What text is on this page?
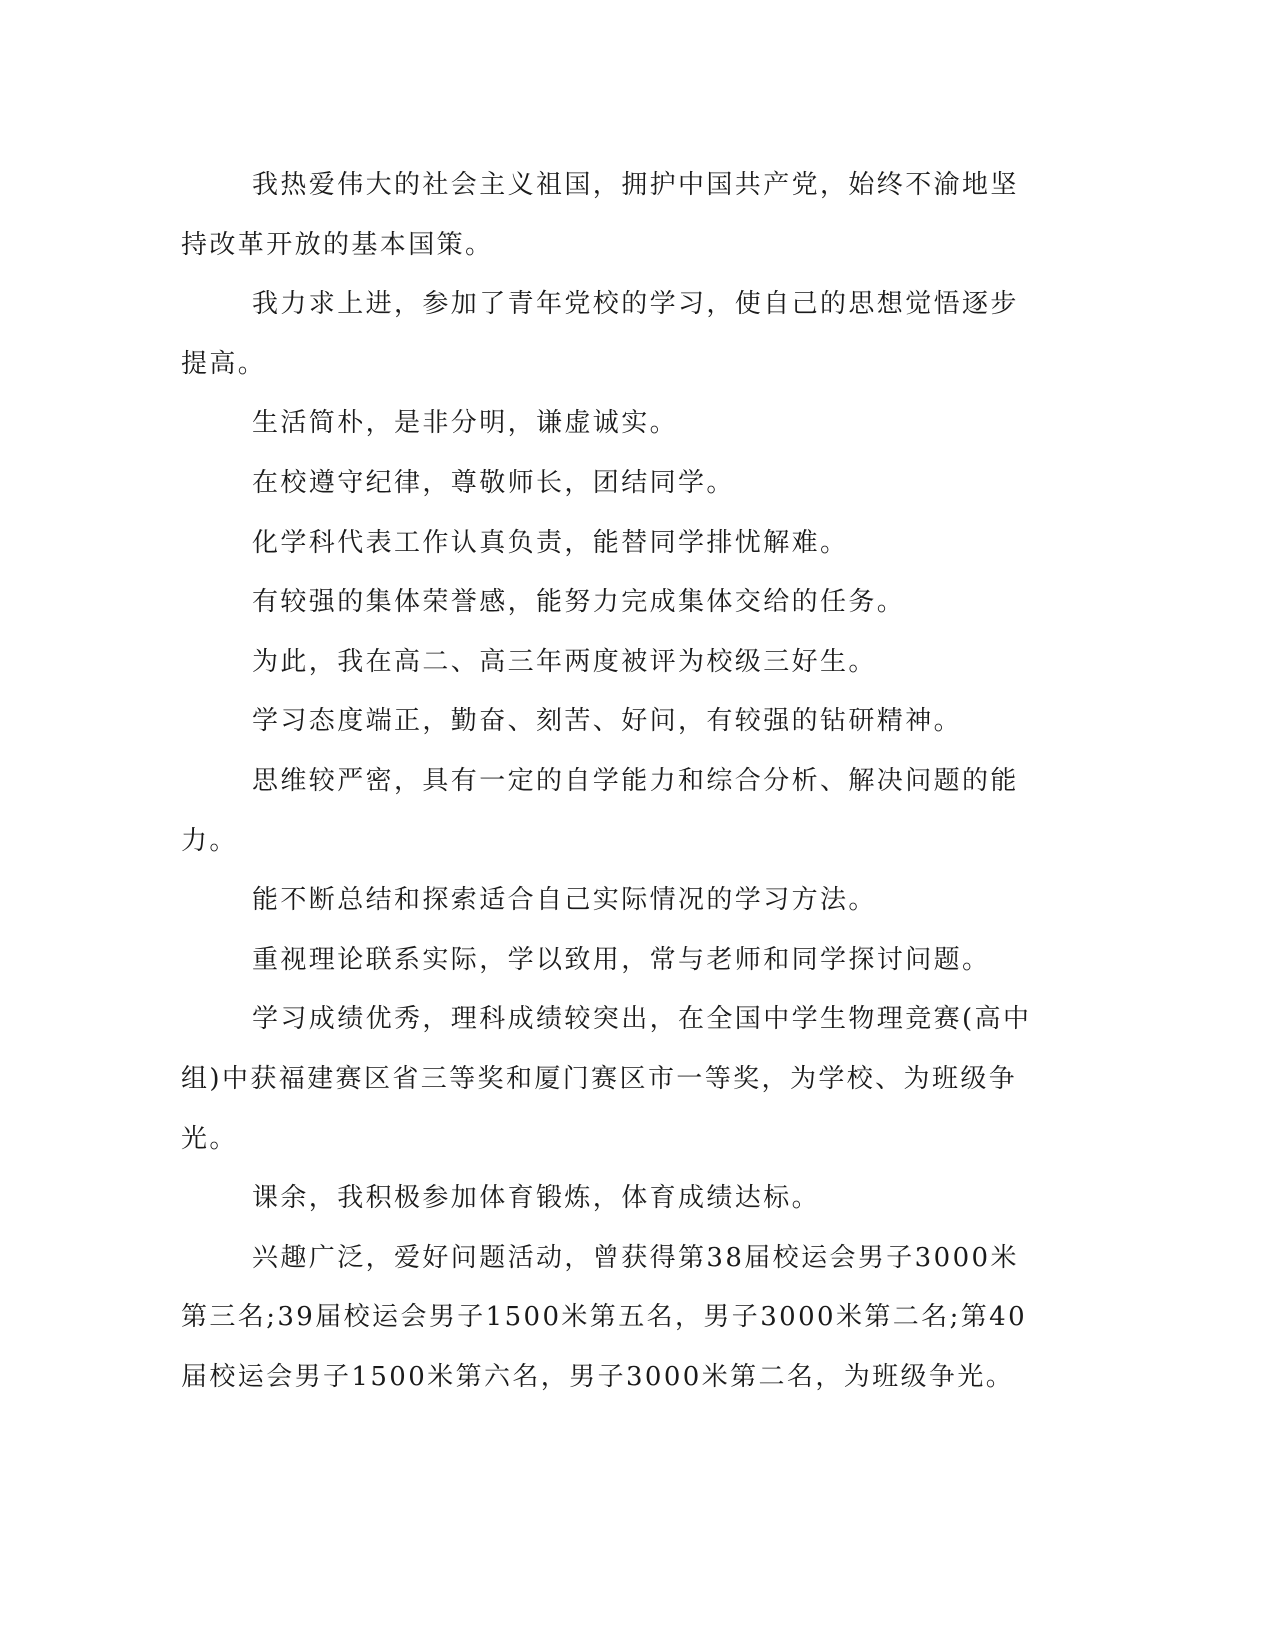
我热爱伟大的社会主义祖国，拥护中国共产党，始终不渝地坚持改革开放的基本国策。

我力求上进，参加了青年党校的学习，使自己的思想觉悟逐步提高。

生活简朴，是非分明，谦虚诚实。

在校遵守纪律，尊敬师长，团结同学。

化学科代表工作认真负责，能替同学排忧解难。

有较强的集体荣誉感，能努力完成集体交给的任务。

为此，我在高二、高三年两度被评为校级三好生。

学习态度端正，勤奋、刻苦、好问，有较强的钻研精神。

思维较严密，具有一定的自学能力和综合分析、解决问题的能力。

能不断总结和探索适合自己实际情况的学习方法。

重视理论联系实际，学以致用，常与老师和同学探讨问题。

学习成绩优秀，理科成绩较突出，在全国中学生物理竞赛(高中组)中获福建赛区省三等奖和厦门赛区市一等奖，为学校、为班级争光。

课余，我积极参加体育锻炼，体育成绩达标。

兴趣广泛，爱好问题活动，曾获得第38届校运会男子3000米第三名;39届校运会男子1500米第五名，男子3000米第二名;第40届校运会男子1500米第六名，男子3000米第二名，为班级争光。
